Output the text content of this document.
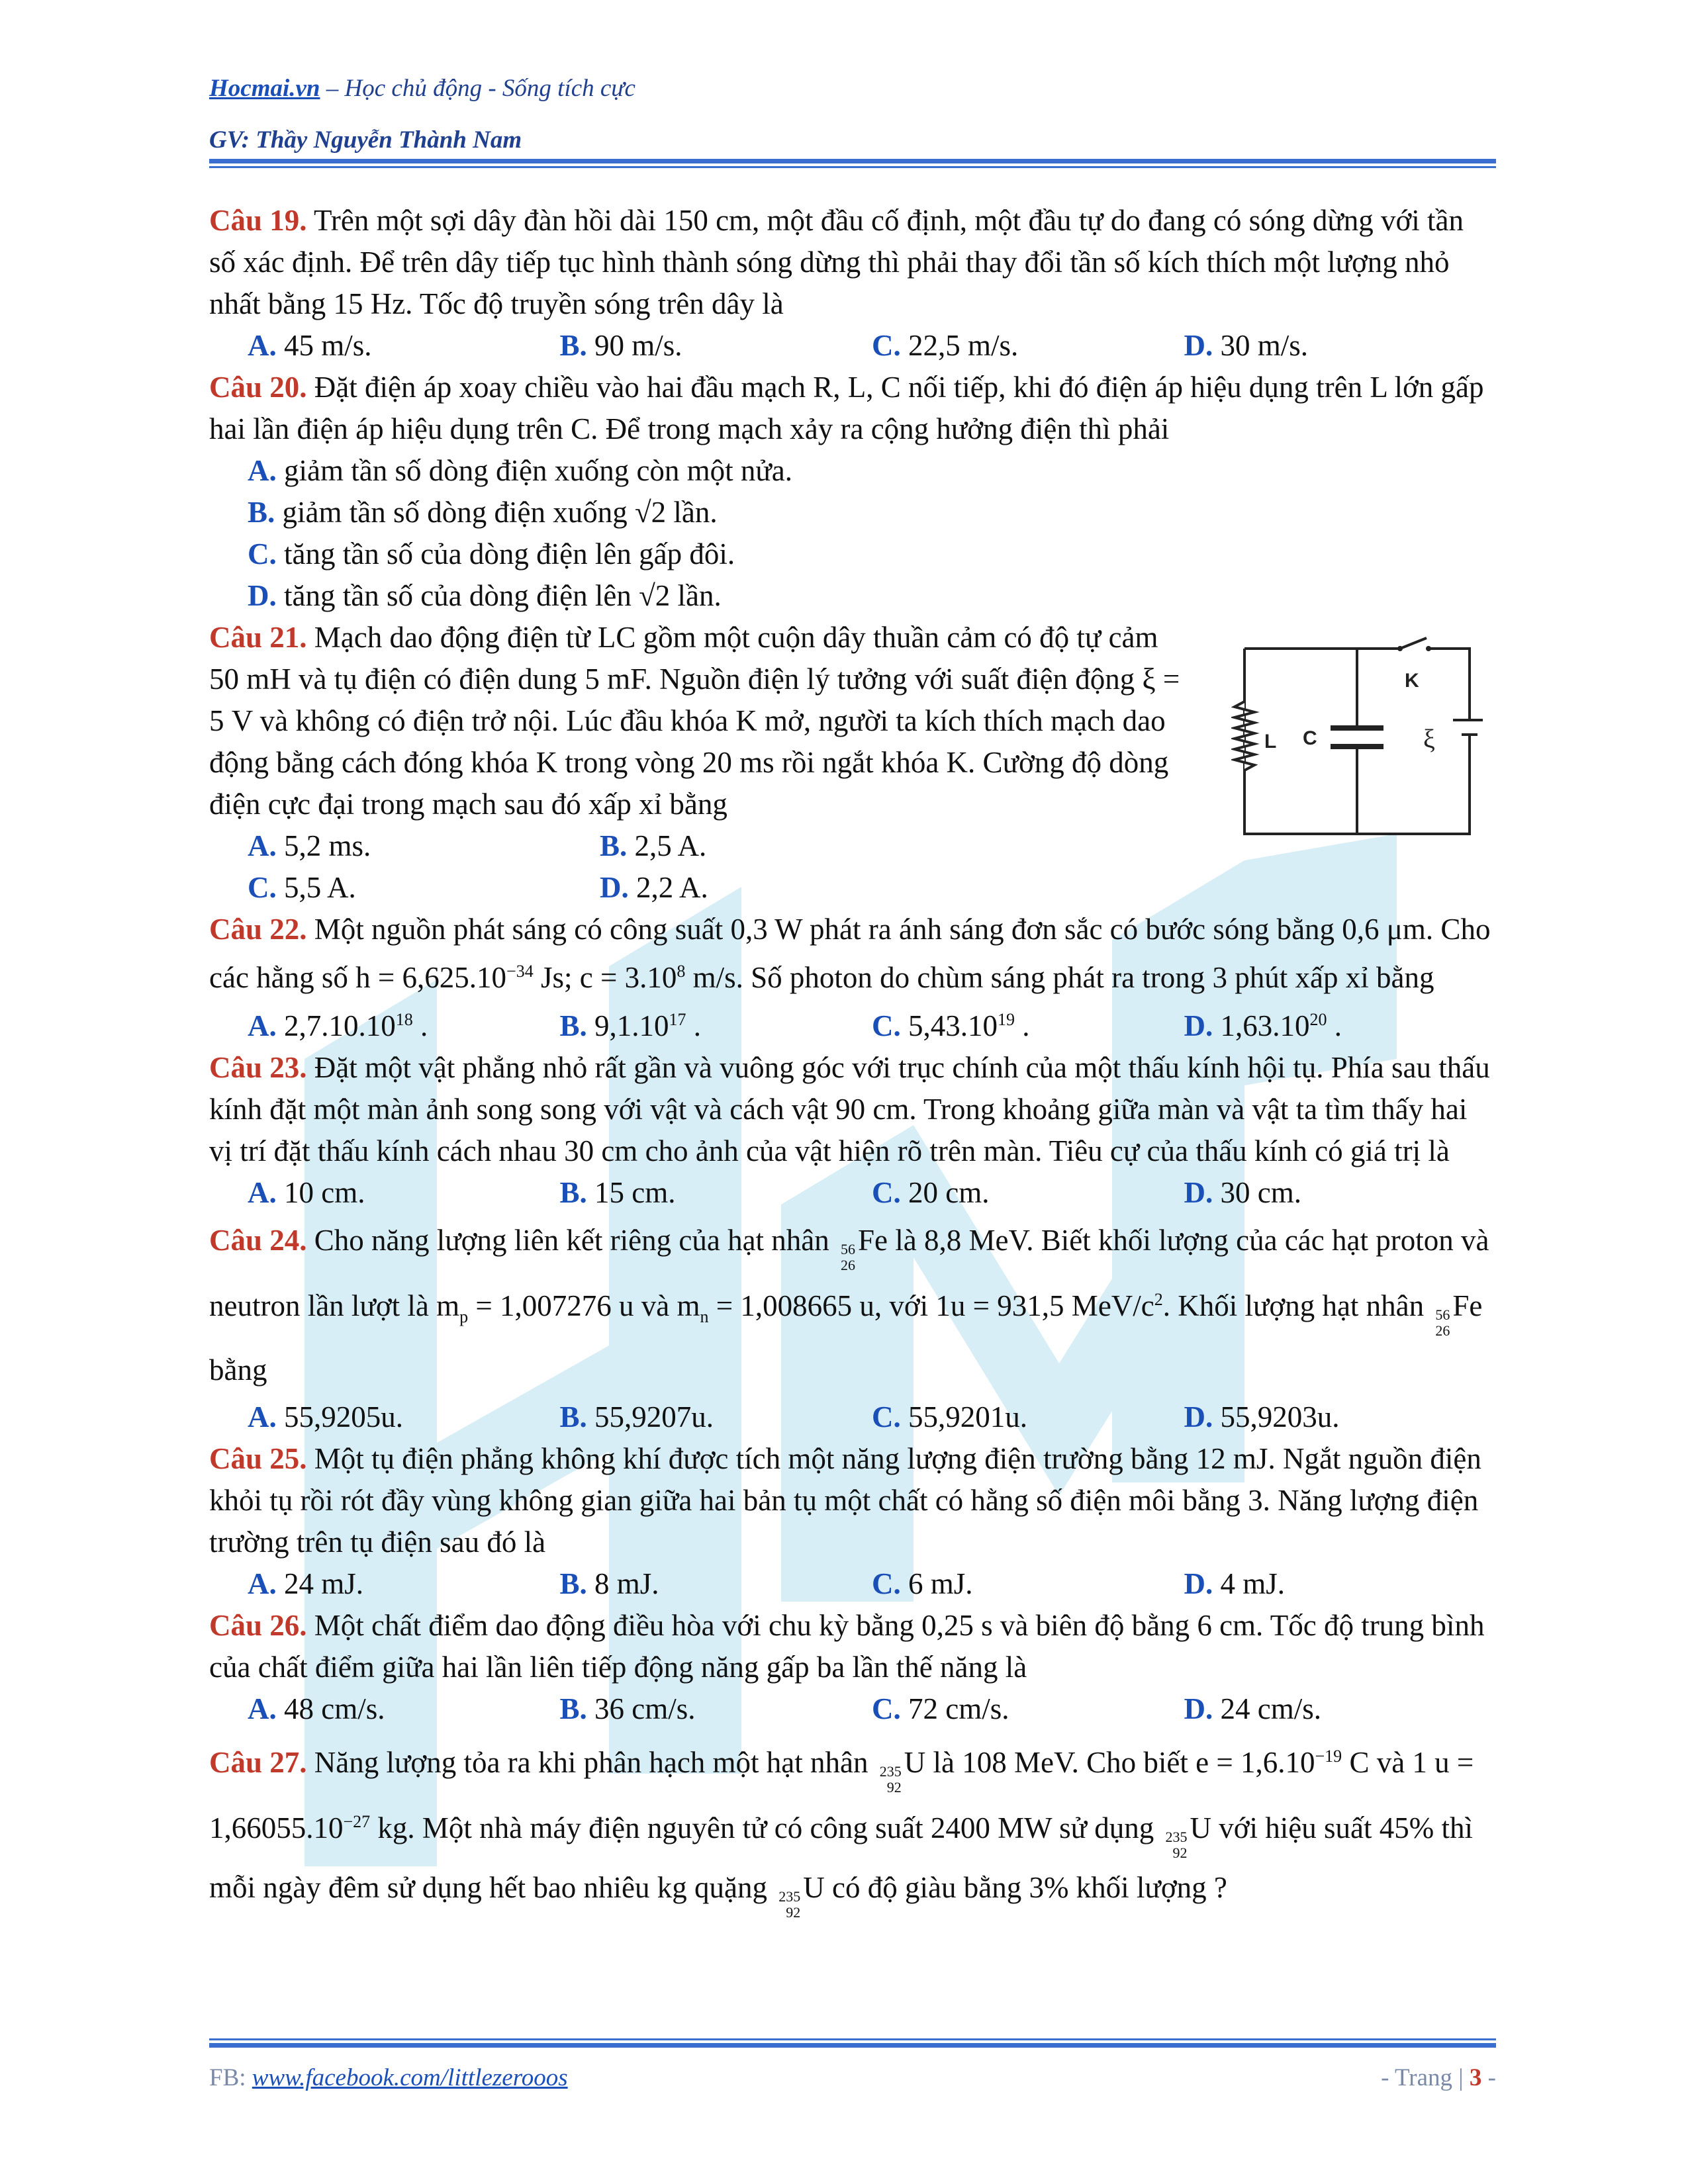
Hocmai.vn – Học chủ động - Sống tích cực
GV: Thầy Nguyễn Thành Nam
L C
K
ξ

Câu 19. Trên một sợi dây đàn hồi dài 150 cm, một đầu cố định, một đầu tự do đang có sóng dừng với tần số xác định. Để trên dây tiếp tục hình thành sóng dừng thì phải thay đổi tần số kích thích một lượng nhỏ nhất bằng 15 Hz. Tốc độ truyền sóng trên dây là

A. 45 m/s.	B. 90 m/s.	C. 22,5 m/s.	D. 30 m/s.

Câu 20. Đặt điện áp xoay chiều vào hai đầu mạch R, L, C nối tiếp, khi đó điện áp hiệu dụng trên L lớn gấp hai lần điện áp hiệu dụng trên C. Để trong mạch xảy ra cộng hưởng điện thì phải

A. giảm tần số dòng điện xuống còn một nửa.
B. giảm tần số dòng điện xuống √2 lần.
C. tăng tần số của dòng điện lên gấp đôi.
D. tăng tần số của dòng điện lên √2 lần.

Câu 21. Mạch dao động điện từ LC gồm một cuộn dây thuần cảm có độ tự cảm 50 mH và tụ điện có điện dung 5 mF. Nguồn điện lý tưởng với suất điện động ξ = 5 V và không có điện trở nội. Lúc đầu khóa K mở, người ta kích thích mạch dao động bằng cách đóng khóa K trong vòng 20 ms rồi ngắt khóa K. Cường độ dòng điện cực đại trong mạch sau đó xấp xỉ bằng

A. 5,2 ms.	B. 2,5 A.
C. 5,5 A.	D. 2,2 A.

Câu 22. Một nguồn phát sáng có công suất 0,3 W phát ra ánh sáng đơn sắc có bước sóng bằng 0,6 μm. Cho các hằng số $h = 6,625.10^{-34}$ Js; $c = 3.10^8$ m/s. Số photon do chùm sáng phát ra trong 3 phút xấp xỉ bằng

A. 2,7.10.10$^{18}$ .	B. 9,1.10$^{17}$ .	C. 5,43.10$^{19}$ .	D. 1,63.10$^{20}$ .

Câu 23. Đặt một vật phẳng nhỏ rất gần và vuông góc với trục chính của một thấu kính hội tụ. Phía sau thấu kính đặt một màn ảnh song song với vật và cách vật 90 cm. Trong khoảng giữa màn và vật ta tìm thấy hai vị trí đặt thấu kính cách nhau 30 cm cho ảnh của vật hiện rõ trên màn. Tiêu cự của thấu kính có giá trị là

A. 10 cm.	B. 15 cm.	C. 20 cm.	D. 30 cm.

Câu 24. Cho năng lượng liên kết riêng của hạt nhân 56
26
Fe là 8,8 MeV. Biết khối lượng của các hạt proton và neutron lần lượt là $m_p = 1,007276$ u và $m_n = 1,008665$ u, với 1u = 931,5 MeV/$c^2$. Khối lượng hạt nhân 56
26
Fe bằng

A. 55,9205u.	B. 55,9207u.	C. 55,9201u.	D. 55,9203u.

Câu 25. Một tụ điện phẳng không khí được tích một năng lượng điện trường bằng 12 mJ. Ngắt nguồn điện khỏi tụ rồi rót đầy vùng không gian giữa hai bản tụ một chất có hằng số điện môi bằng 3. Năng lượng điện trường trên tụ điện sau đó là

A. 24 mJ.	B. 8 mJ.	C. 6 mJ.	D. 4 mJ.

Câu 26. Một chất điểm dao động điều hòa với chu kỳ bằng 0,25 s và biên độ bằng 6 cm. Tốc độ trung bình của chất điểm giữa hai lần liên tiếp động năng gấp ba lần thế năng là

A. 48 cm/s.	B. 36 cm/s.	C. 72 cm/s.	D. 24 cm/s.

Câu 27. Năng lượng tỏa ra khi phân hạch một hạt nhân 235
92
U là 108 MeV. Cho biết $e = 1,6.10^{-19}$ C và 1 $u = 1,66055.10^{-27}$ kg. Một nhà máy điện nguyên tử có công suất 2400 MW sử dụng 235
92
U với hiệu suất 45% thì mỗi ngày đêm sử dụng hết bao nhiêu kg quặng 235
92
U có độ giàu bằng 3% khối lượng ?

FB: www.facebook.com/littlezerooos	- Trang | 3 -
